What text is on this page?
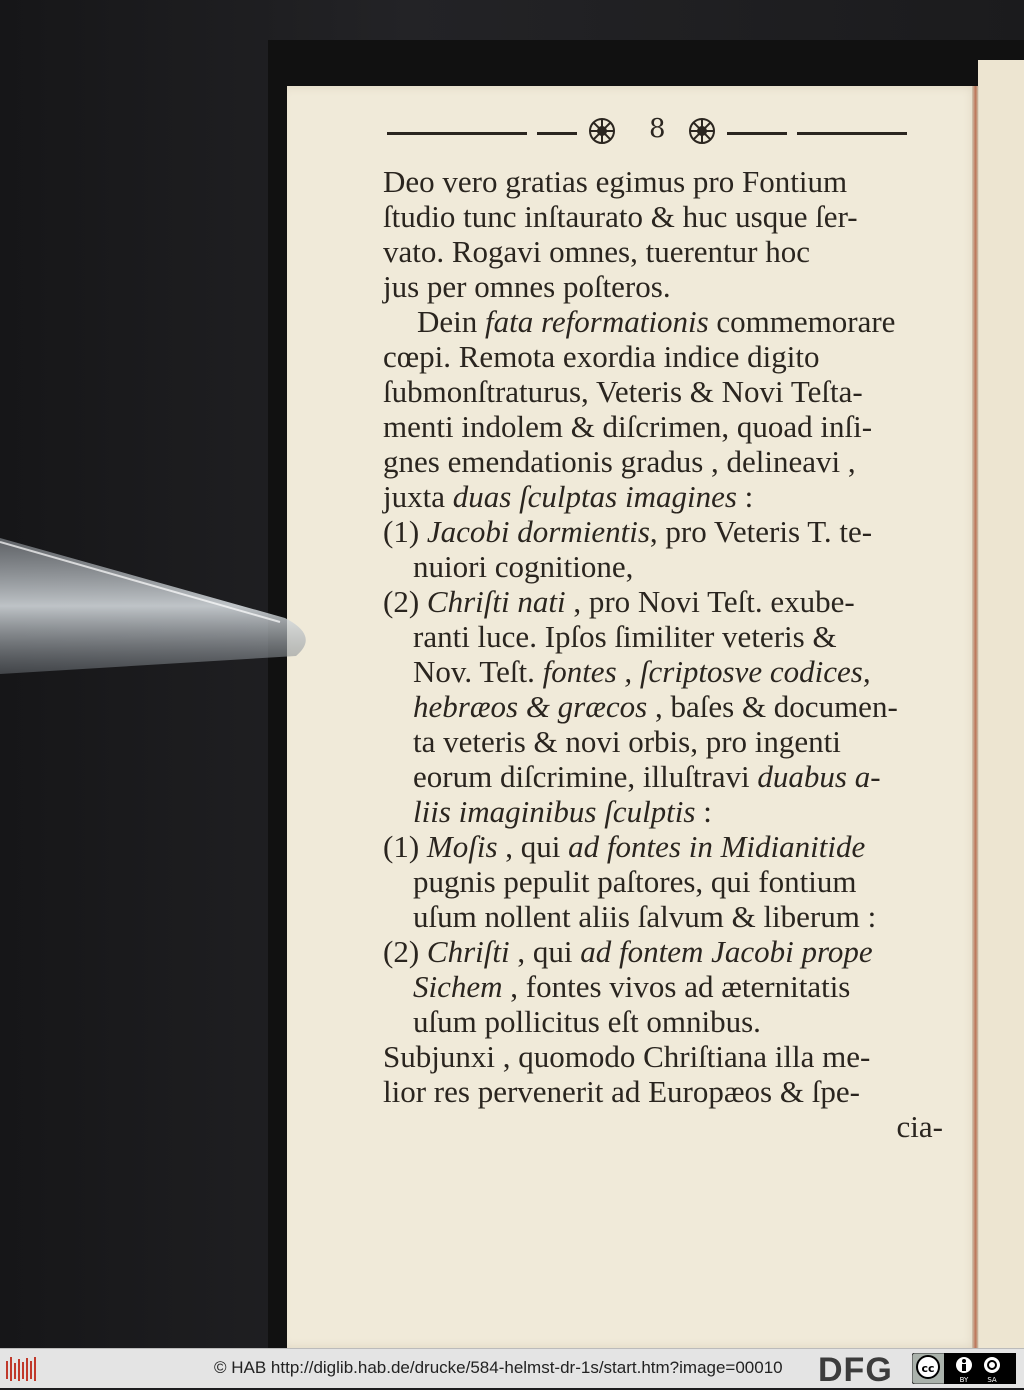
8
Deo vero gratias egimus pro Fontium
ſtudio tunc inſtaurato & huc usque ſer-
vato. Rogavi omnes, tuerentur hoc
jus per omnes poſteros.
Dein fata reformationis commemorare
cœpi. Remota exordia indice digito
ſubmonſtraturus, Veteris & Novi Teſta-
menti indolem & diſcrimen, quoad inſi-
gnes emendationis gradus , delineavi ,
juxta duas ſculptas imagines :
(1) Jacobi dormientis, pro Veteris T. te-
nuiori cognitione,
(2) Chriſti nati , pro Novi Teſt. exube-
ranti luce. Ipſos ſimiliter veteris &
Nov. Teſt. fontes , ſcriptosve codices,
hebræos & græcos , baſes & documen-
ta veteris & novi orbis, pro ingenti
eorum diſcrimine, illuſtravi duabus a-
liis imaginibus ſculptis :
(1) Moſis , qui ad fontes in Midianitide
pugnis pepulit paſtores, qui fontium
uſum nollent aliis ſalvum & liberum :
(2) Chriſti , qui ad fontem Jacobi prope
Sichem , fontes vivos ad æternitatis
uſum pollicitus eſt omnibus.
Subjunxi , quomodo Chriſtiana illa me-
lior res pervenerit ad Europæos & ſpe-
cia-
© HAB http://diglib.hab.de/drucke/584-helmst-dr-1s/start.htm?image=00010 DFG	cc
BY	SA
